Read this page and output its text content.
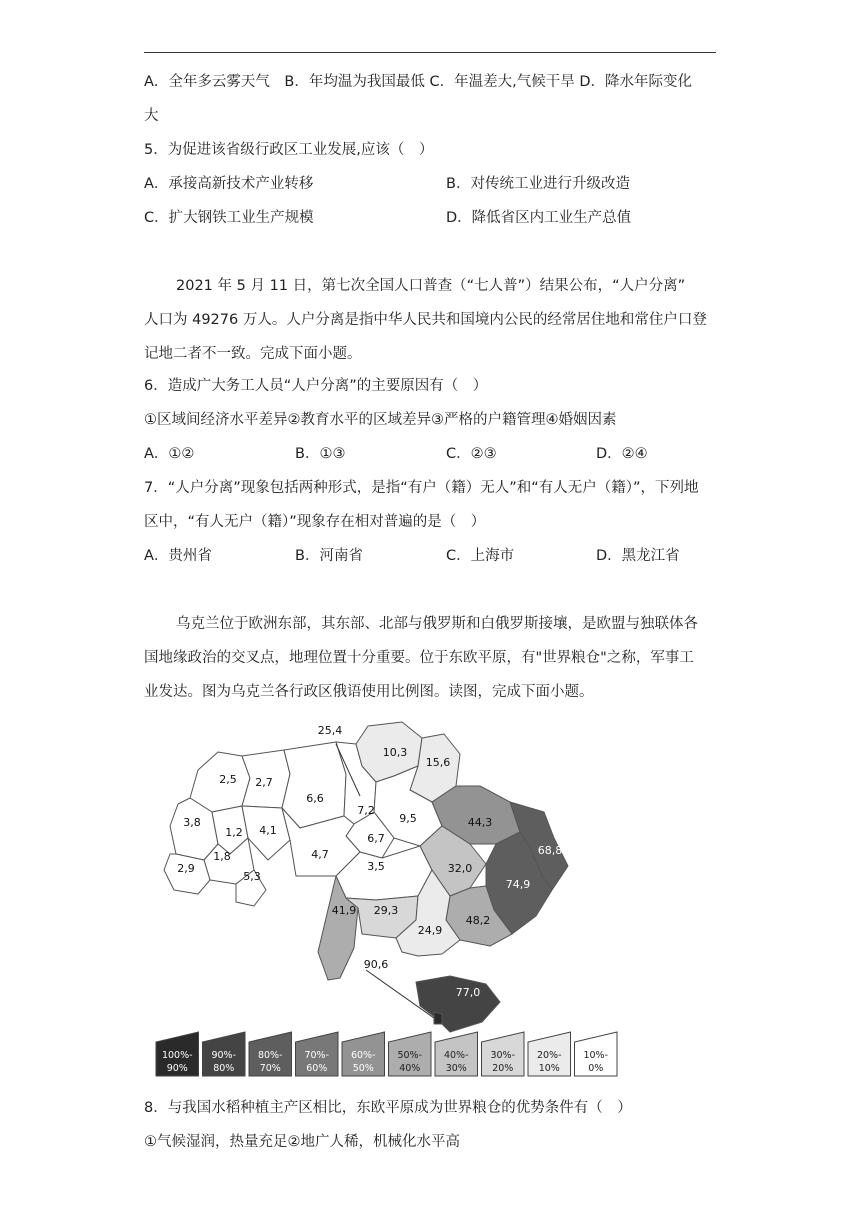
A．全年多云雾天气　B．年均温为我国最低 C．年温差大,气候干旱 D．降水年际变化
大
5．为促进该省级行政区工业发展,应该（　）
A．承接高新技术产业转移	B．对传统工业进行升级改造
C．扩大钢铁工业生产规模	D．降低省区内工业生产总值
2021 年 5 月 11 日，第七次全国人口普查（“七人普”）结果公布，“人户分离”
人口为 49276 万人。人户分离是指中华人民共和国境内公民的经常居住地和常住户口登
记地二者不一致。完成下面小题。
6．造成广大务工人员“人户分离”的主要原因有（　）
①区域间经济水平差异②教育水平的区域差异③严格的户籍管理④婚姻因素
A．①②	B．①③	C．②③	D．②④
7．“人户分离”现象包括两种形式，是指“有户（籍）无人”和“有人无户（籍）”，下列地
区中，“有人无户（籍）”现象存在相对普遍的是（　）
A．贵州省	B．河南省	C．上海市	D．黑龙江省
乌克兰位于欧洲东部，其东部、北部与俄罗斯和白俄罗斯接壤，是欧盟与独联体各
国地缘政治的交叉点，地理位置十分重要。位于东欧平原，有"世界粮仓"之称，军事工
业发达。图为乌克兰各行政区俄语使用比例图。读图，完成下面小题。
2,5 2,7
6,6
25,4
10,3
15,6
3,8
1,2 4,1
7,2
9,5	44,3
6,7
4,7
1,8
2,9
5,3
3,5	32,0
68,8
74,9
41,9 29,3
48,2
24,9
77,0
90,6
100%-
90%
90%-
80%
80%-
70%
70%-
60%
60%-
50%
50%-
40%
40%-
30%
30%-
20%
20%-
10%
10%-
0%
8．与我国水稻种植主产区相比，东欧平原成为世界粮仓的优势条件有（　）
①气候湿润，热量充足②地广人稀，机械化水平高
